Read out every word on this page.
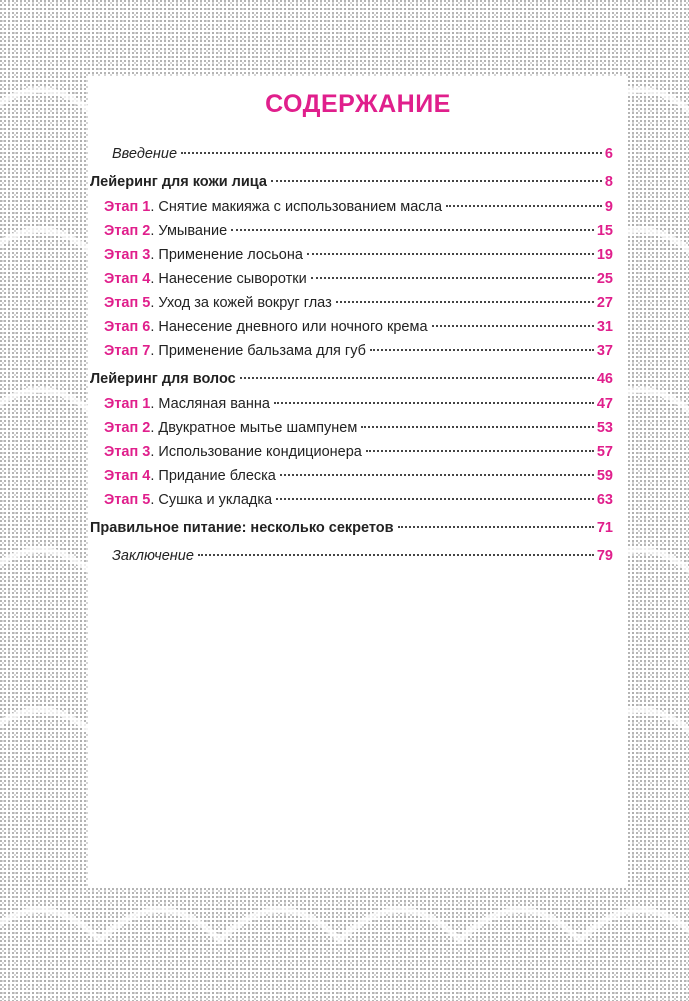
СОДЕРЖАНИЕ
Введение	6
Лейеринг для кожи лица	8
Этап 1. Снятие макияжа с использованием масла	9
Этап 2. Умывание	15
Этап 3. Применение лосьона	19
Этап 4. Нанесение сыворотки	25
Этап 5. Уход за кожей вокруг глаз	27
Этап 6. Нанесение дневного или ночного крема	31
Этап 7. Применение бальзама для губ	37
Лейеринг для волос	46
Этап 1. Масляная ванна	47
Этап 2. Двукратное мытье шампунем	53
Этап 3. Использование кондиционера	57
Этап 4. Придание блеска	59
Этап 5. Сушка и укладка	63
Правильное питание: несколько секретов	71
Заключение	79
